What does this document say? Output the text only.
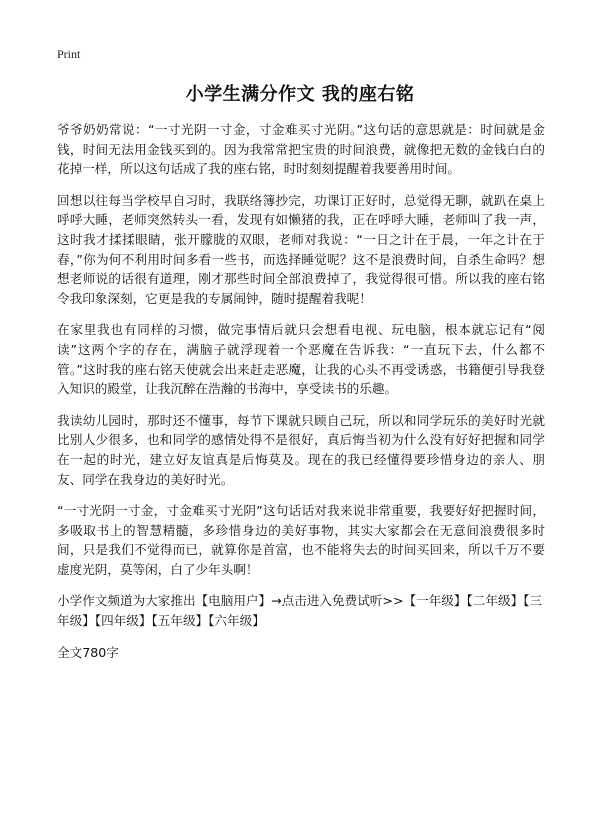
Print
小学生满分作文 我的座右铭

爷爷奶奶常说：“一寸光阴一寸金，寸金难买寸光阴。”这句话的意思就是：时间就是金钱，时间无法用金钱买到的。因为我常常把宝贵的时间浪费，就像把无数的金钱白白的花掉一样，所以这句话成了我的座右铭，时时刻刻提醒着我要善用时间。

回想以往每当学校早自习时，我联络簿抄完，功课订正好时，总觉得无聊，就趴在桌上呼呼大睡，老师突然转头一看，发现有如懒猪的我，正在呼呼大睡，老师叫了我一声，这时我才揉揉眼睛，张开朦胧的双眼，老师对我说：“一日之计在于晨，一年之计在于春，”你为何不利用时间多看一些书，而选择睡觉呢？这不是浪费时间，自杀生命吗？想想老师说的话很有道理，刚才那些时间全部浪费掉了，我觉得很可惜。所以我的座右铭令我印象深刻，它更是我的专属闹钟，随时提醒着我呢！

在家里我也有同样的习惯，做完事情后就只会想看电视、玩电脑，根本就忘记有“阅读”这两个字的存在，满脑子就浮现着一个恶魔在告诉我：“一直玩下去，什么都不管。”这时我的座右铭天使就会出来赶走恶魔，让我的心头不再受诱惑，书籍便引导我登入知识的殿堂，让我沉醉在浩瀚的书海中，享受读书的乐趣。

我读幼儿园时，那时还不懂事，每节下课就只顾自己玩，所以和同学玩乐的美好时光就比别人少很多，也和同学的感情处得不是很好，真后悔当初为什么没有好好把握和同学在一起的时光，建立好友谊真是后悔莫及。现在的我已经懂得要珍惜身边的亲人、朋友、同学在我身边的美好时光。

“一寸光阴一寸金，寸金难买寸光阴”这句话话对我来说非常重要，我要好好把握时间，多吸取书上的智慧精髓，多珍惜身边的美好事物，其实大家都会在无意间浪费很多时间，只是我们不觉得而已，就算你是首富，也不能将失去的时间买回来，所以千万不要虚度光阴，莫等闲，白了少年头啊！

小学作文频道为大家推出【电脑用户】→点击进入免费试听>>【一年级】【二年级】【三年级】【四年级】【五年级】【六年级】

全文780字
